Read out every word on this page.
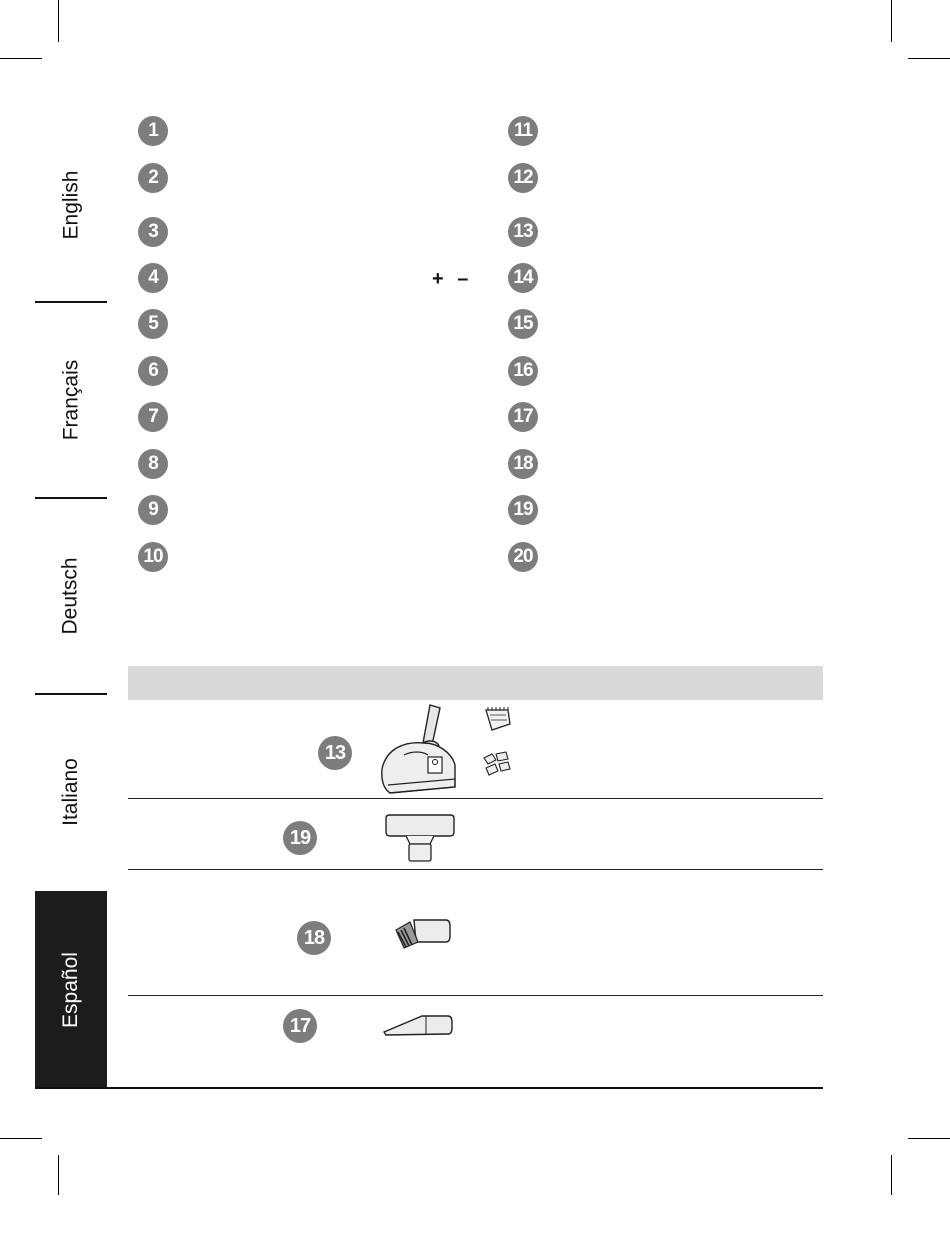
English
Français
Deutsch
Italiano
Español
1
2
3
4
5
6
7
8
9
10
+ –
11
12
13
14
15
16
17
18
19
20
13
19
18
17
